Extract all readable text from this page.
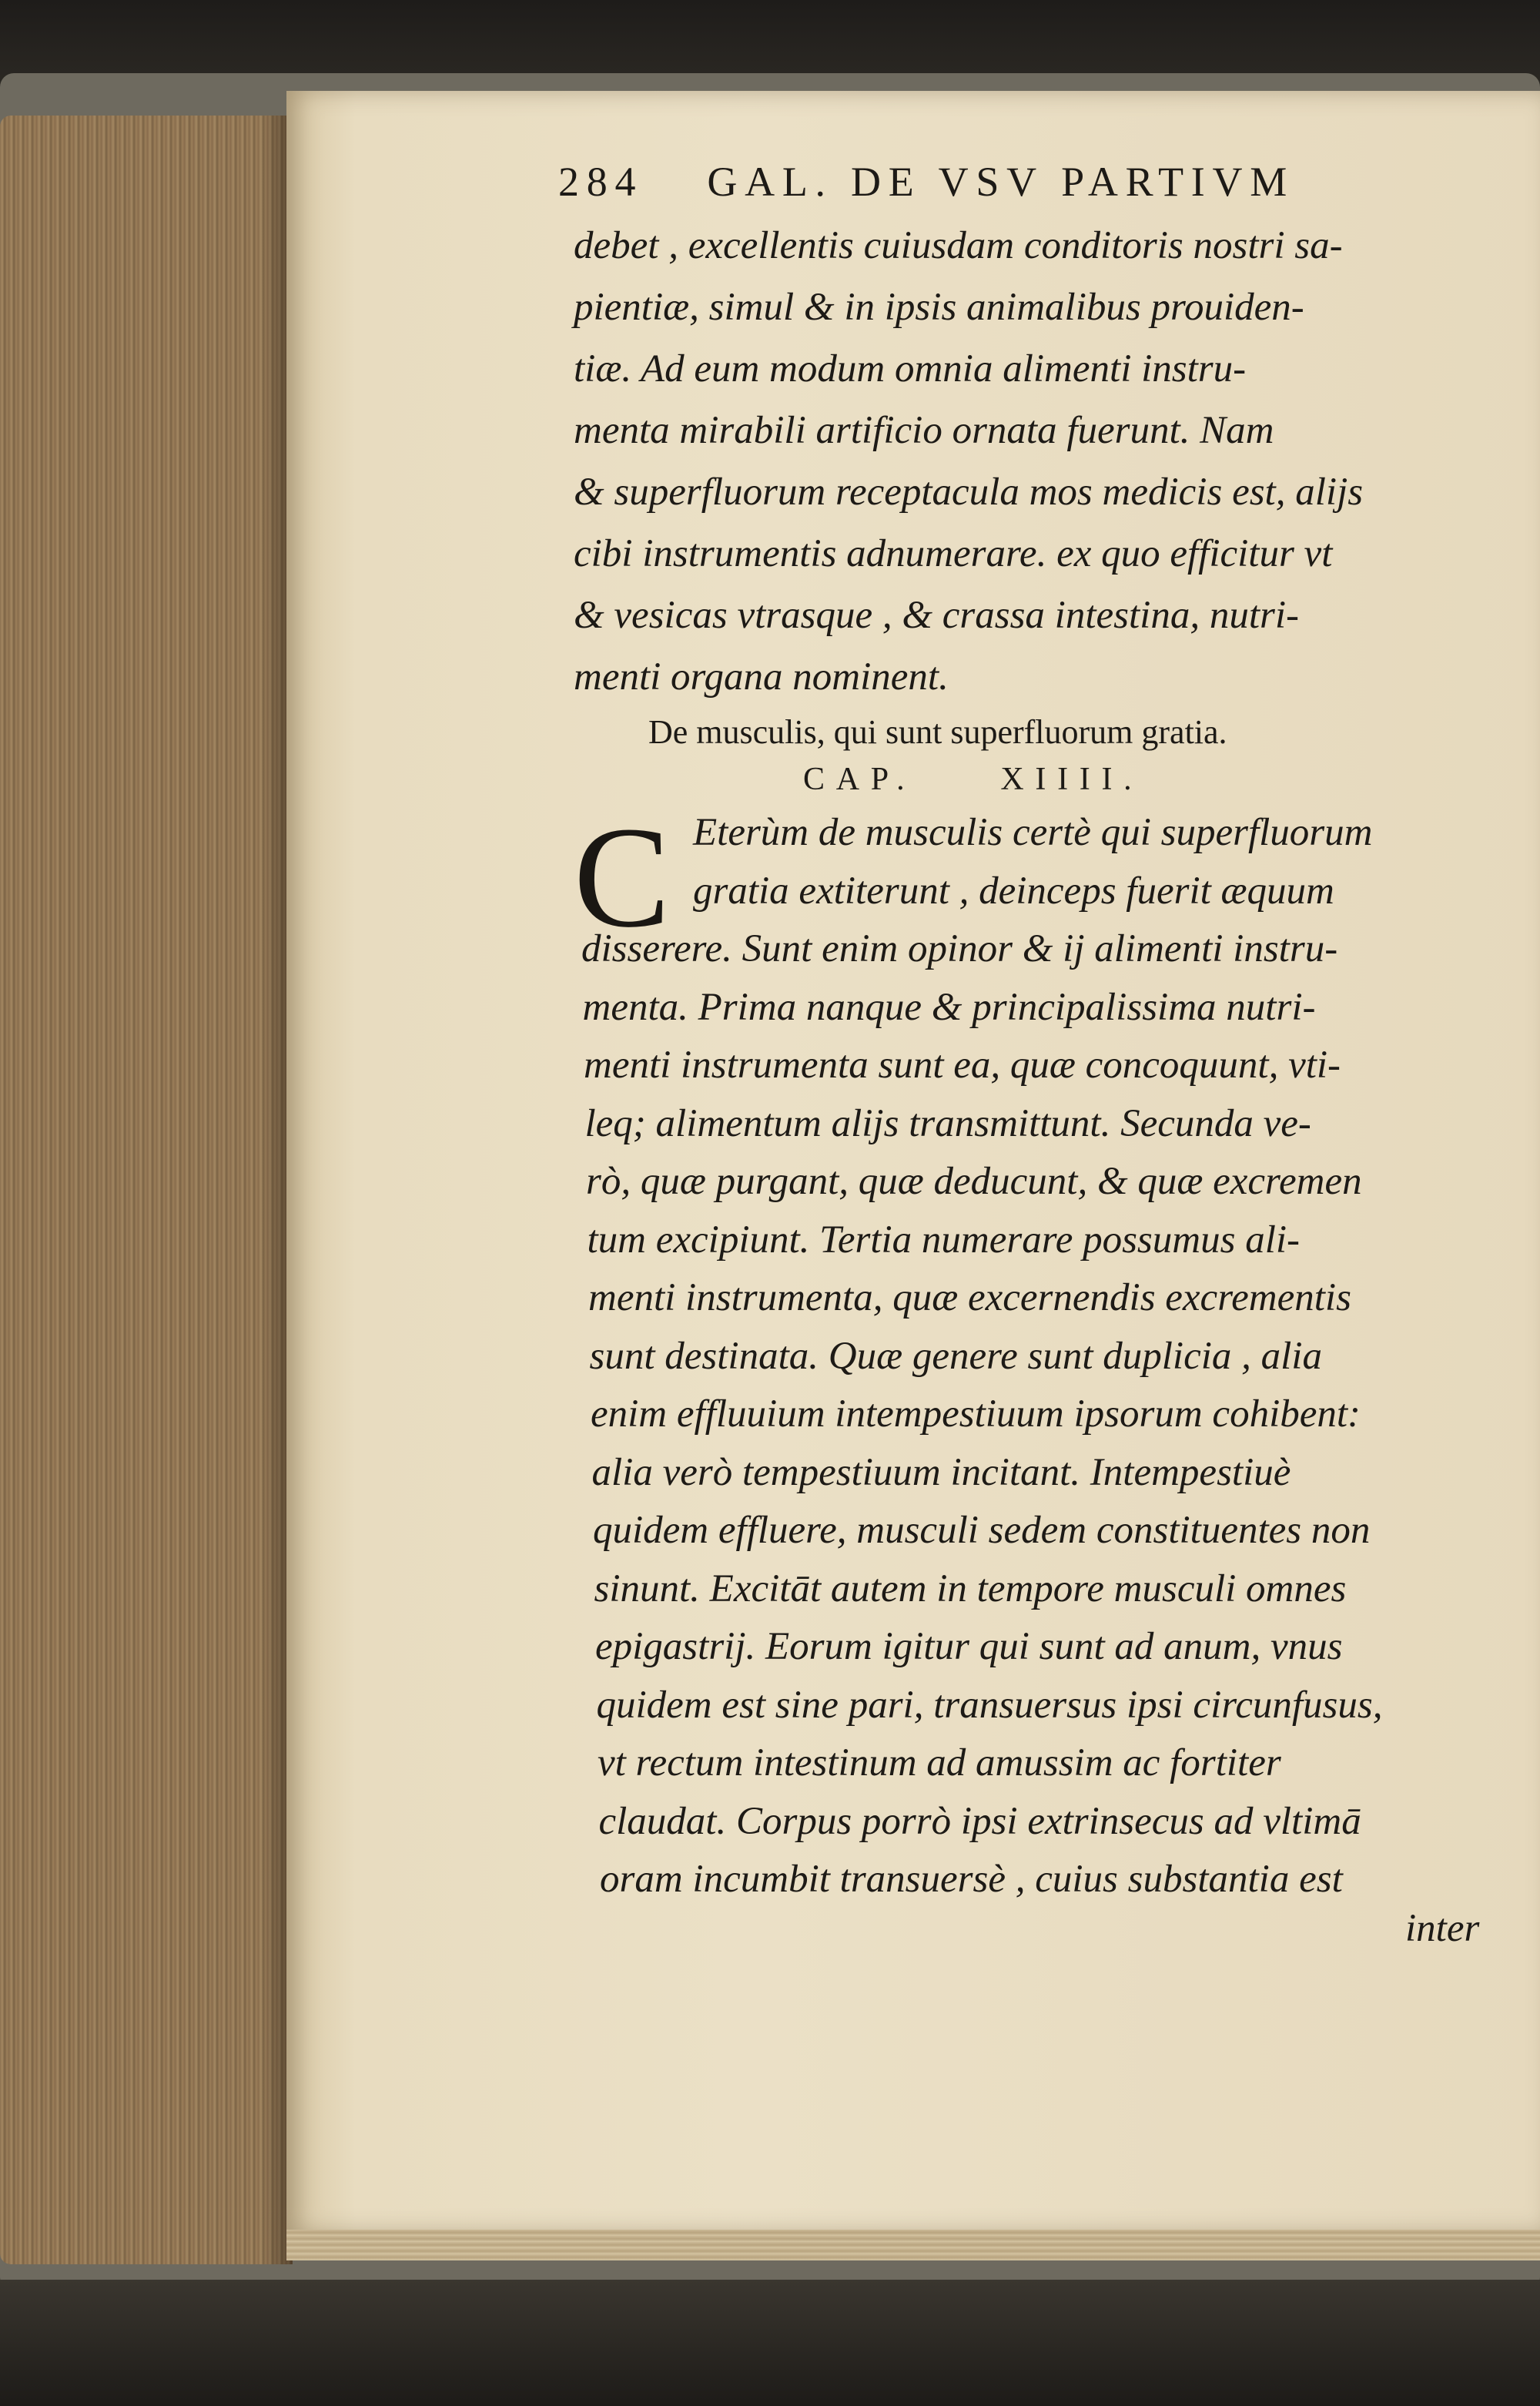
284 GAL. DE VSV PARTIVM
debet , excellentis cuiusdam conditoris nostri sa-
pientiæ, simul & in ipsis animalibus prouiden-
tiæ. Ad eum modum omnia alimenti instru-
menta mirabili artificio ornata fuerunt. Nam
& superfluorum receptacula mos medicis est, alijs
cibi instrumentis adnumerare. ex quo efficitur vt
& vesicas vtrasque , & crassa intestina, nutri-
menti organa nominent.
De musculis, qui sunt superfluorum gratia.
CAP.	XIIII.
C Eterùm de musculis certè qui superfluorum
gratia extiterunt , deinceps fuerit æquum
disserere. Sunt enim opinor & ij alimenti instru-
menta. Prima nanque & principalissima nutri-
menti instrumenta sunt ea, quæ concoquunt, vti-
leq; alimentum alijs transmittunt. Secunda ve-
rò, quæ purgant, quæ deducunt, & quæ excremen
tum excipiunt. Tertia numerare possumus ali-
menti instrumenta, quæ excernendis excrementis
sunt destinata. Quæ genere sunt duplicia , alia
enim effluuium intempestiuum ipsorum cohibent:
alia verò tempestiuum incitant. Intempestiuè
quidem effluere, musculi sedem constituentes non
sinunt. Excitāt autem in tempore musculi omnes
epigastrij. Eorum igitur qui sunt ad anum, vnus
quidem est sine pari, transuersus ipsi circunfusus,
vt rectum intestinum ad amussim ac fortiter
claudat. Corpus porrò ipsi extrinsecus ad vltimā
oram incumbit transuersè , cuius substantia est
inter
